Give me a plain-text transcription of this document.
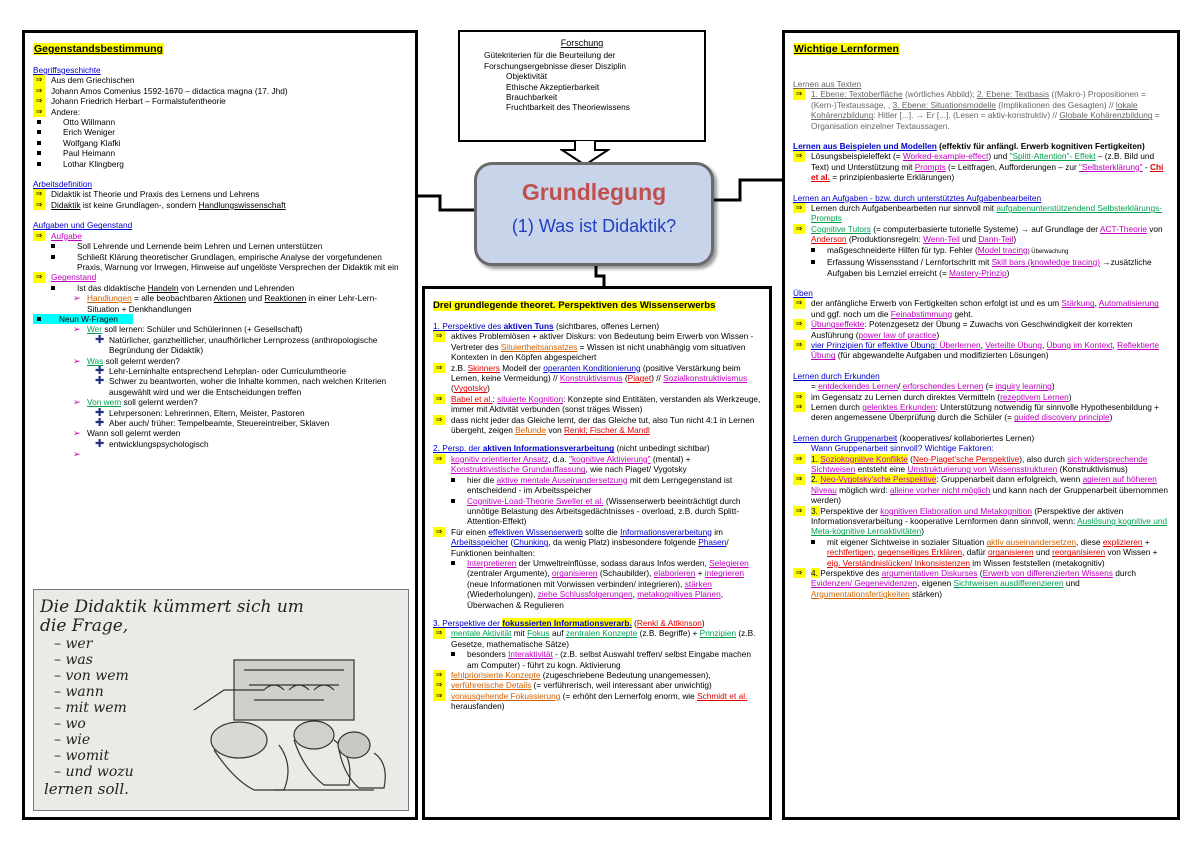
Gegenstandsbestimmung
Begriffsgeschichte
⇒	Aus dem Griechischen
⇒	Johann Amos Comenius 1592-1670 – didactica magna (17. Jhd)
⇒	Johann Friedrich Herbart – Formalstufentheorie
⇒	Andere:
Otto Willmann
Erich Weniger
Wolfgang Klafki
Paul Heimann
Lothar Klingberg
Arbeitsdefinition
⇒	Didaktik ist Theorie und Praxis des Lernens und Lehrens
⇒	Didaktik ist keine Grundlagen-, sondern Handlungswissenschaft
Aufgaben und Gegenstand
⇒	Aufgabe
Soll Lehrende und Lernende beim Lehren und Lernen unterstützen
Schließt Klärung theoretischer Grundlagen, empirische Analyse der vorgefundenen Praxis, Warnung vor Irrwegen, Hinweise auf ungelöste Versprechen der Didaktik mit ein
⇒	Gegenstand
Ist das didaktische Handeln von Lernenden und Lehrenden
➢ Handlungen = alle beobachtbaren Aktionen und Reaktionen in einer Lehr-Lern-Situation + Denkhandlungen
Neun W-Fragen
➢ Wer soll lernen: Schüler und Schülerinnen (+ Gesellschaft)
✚ Natürlicher, ganzheitlicher, unaufhörlicher Lernprozess (anthropologische Begründung der Didaktik)
➢ Was soll gelernt werden?
✚ Lehr-Lerninhalte entsprechend Lehrplan- oder Curriculumtheorie
✚ Schwer zu beantworten, woher die Inhalte kommen, nach welchen Kriterien ausgewählt wird und wer die Entscheidungen treffen
➢ Von wem soll gelernt werden?
✚ Lehrpersonen: Lehrerinnen, Eltern, Meister, Pastoren
✚ Aber auch/ früher: Tempelbeamte, Steuereintreiber, Sklaven
➢ Wann soll gelernt werden
✚ entwicklungspsychologisch
➢
Die Didaktik kümmert sich um
die Frage,
– wer
– was
– von wem
– wann
– mit wem
– wo
– wie
– womit
– und wozu
lernen soll.
Forschung
Gütekriterien für die Beurteilung der Forschungsergebnisse dieser Disziplin
Objektivität
Ethische Akzeptierbarkeit
Brauchbarkeit
Fruchtbarkeit des Theoriewissens
Grundlegung
(1) Was ist Didaktik?
Drei grundlegende theoret. Perspektiven des Wissenserwerbs
1. Perspektive des aktiven Tuns (sichtbares, offenes Lernen)
⇒	aktives Problemlösen + aktiver Diskurs: von Bedeutung beim Erwerb von Wissen - Vertreter des Situiertheitsansatzes = Wissen ist nicht unabhängig vom situativen Kontexten in den Köpfen abgespeichert
⇒	z.B. Skinners Modell der operanten Konditionierung (positive Verstärkung beim Lernen, keine Vermeidung) // Konstruktivismus (Piaget) // Sozialkonstruktivismus (Vygotsky)
⇒	Babel et al.: situierte Kognition: Konzepte sind Entitäten, verstanden als Werkzeuge, immer mit Aktivität verbunden (sonst träges Wissen)
⇒	dass nicht jeder das Gleiche lernt, der das Gleiche tut, also Tun nicht 4:1 in Lernen übergeht, zeigen Befunde von Renkl; Fischer & Mandl
2. Persp. der aktiven Informationsverarbeitung (nicht unbedingt sichtbar)
⇒	kognitiv orientierter Ansatz, d.a. "kognitive Aktivierung" (mental) + Konstruktivistische Grundauffassung, wie nach Piaget/ Vygotsky
hier die aktive mentale Auseinandersetzung mit dem Lerngegenstand ist entscheidend - im Arbeitsspeicher
Cognitive-Load-Theorie Sweller et al. (Wissenserwerb beeinträchtigt durch unnötige Belastung des Arbeitsgedächtnisses - overload, z.B. durch Splitt-Attention-Effekt)
⇒	Für einen effektiven Wissenserwerb sollte die Informationsverarbeitung im Arbeitsspeicher (Chunking, da wenig Platz) insbesondere folgende Phasen/ Funktionen beinhalten:
Interpretieren der Umweltreinflüsse, sodass daraus Infos werden, Selegieren (zentraler Argumente), organisieren (Schaubilder), elaborieren + integrieren (neue Informationen mit Vorwissen verbinden/ integrieren), stärken (Wiederholungen), ziehe Schlussfolgerungen, metakognitives Planen, Überwachen & Regulieren
3. Perspektive der fokussierten Informationsverarb. (Renkl & Attkinson)
⇒	mentale Aktivität mit Fokus auf zentralen Konzepte (z.B. Begriffe) + Prinzipien (z.B. Gesetze, mathematische Sätze)
besonders Interaktivität - (z.B. selbst Auswahl treffen/ selbst Eingabe machen am Computer) - führt zu kogn. Aktivierung
⇒	fehlpriorisierte Konzepte (zugeschriebene Bedeutung unangemessen),
⇒	verführerische Details (= verführerisch, weil interessant aber unwichtig)
⇒	vorausgehende Fokussierung (= erhöht den Lernerfolg enorm, wie Schmidt et al. herausfanden)
Wichtige Lernformen
Lernen aus Texten
⇒	1. Ebene: Textoberfläche (wörtliches Abbild); 2. Ebene: Textbasis ((Makro-) Propositionen = (Kern-)Textaussage, , 3. Ebene: Situationsmodelle (Implikationen des Gesagten) // lokale Kohärenzbildung: Hitler [...]. → Er [...]. (Lesen = aktiv-konstruktiv) // Globale Kohärenzbildung = Organisation einzelner Textaussagen.
Lernen aus Beispielen und Modellen (effektiv für anfängl. Erwerb kognitiven Fertigkeiten)
⇒	Lösungsbeispieleffekt (= Worked-example-effect) und "Splitt-Attention"- Effekt – (z.B. Bild und Text) und Unterstützung mit Prompts (= Leitfragen, Aufforderungen – zur "Selbsterklärung" - Chi et al. = prinzipienbasierte Erklärungen)
Lernen an Aufgaben - bzw. durch unterstütztes Aufgabenbearbeiten
⇒	Lernen durch Aufgabenbearbeiten nur sinnvoll mit aufgabenunterstützendend Selbsterklärungs-Prompts
⇒	Cognitive Tutors (= computerbasierte tutorielle Systeme) → auf Grundlage der ACT-Theorie von Anderson (Produktionsregeln: Wenn-Teil und Dann-Teil)
maßgeschneiderte Hilfen für typ. Fehler (Model tracing) Überwachung
Erfassung Wissensstand / Lernfortschritt mit Skill bars (knowledge tracing) →zusätzliche Aufgaben bis Lernziel erreicht (= Mastery-Prinzip)
Üben
⇒	der anfängliche Erwerb von Fertigkeiten schon erfolgt ist und es um Stärkung, Automatisierung und ggf. noch um die Feinabstimmung geht.
⇒	Übungseffekte: Potenzgesetz der Übung = Zuwachs von Geschwindigkeit der korrekten Ausführung (power law of practice)
⇒	vier Prinzipien für effektive Übung: Überlernen, Verteilte Übung, Übung im Kontext, Reflektierte Übung (für abgewandelte Aufgaben und modifizierten Lösungen)
Lernen durch Erkunden
= entdeckendes Lernen/ erforschendes Lernen (= inquiry learning)
⇒	im Gegensatz zu Lernen durch direktes Vermitteln (rezeptivem Lernen)
⇒	Lernen durch gelenktes Erkunden: Unterstützung notwendig für sinnvolle Hypothesenbildung + deren angemessene Überprüfung durch die Schüler (= guided discovery principle)
Lernen durch Gruppenarbeit (kooperatives/ kollaboriertes Lernen)
Wann Gruppenarbeit sinnvoll? Wichtige Faktoren:
⇒	1. Soziokognitive Konflikte (Neo-Piaget'sche Perspektive), also durch sich widersprechende Sichtweisen entsteht eine Umstrukturierung von Wissensstrukturen (Konstruktivismus)
⇒	2. Neo-Vygotsky'sche Perspektive: Gruppenarbeit dann erfolgreich, wenn agieren auf höheren Niveau möglich wird: alleine vorher nicht möglich und kann nach der Gruppenarbeit übernommen werden)
⇒	3. Perspektive der kognitiven Elaboration und Metakognition (Perspektive der aktiven Informationsverarbeitung - kooperative Lernformen dann sinnvoll, wenn: Auslösung kognitive und Meta-kognitive Lernaktivitäten)
mit eigener Sichtweise in sozialer Situation aktiv auseinandersetzen, diese explizieren + rechtfertigen, gegenseitiges Erklären, dafür organisieren und reorganisieren von Wissen + eig. Verständnislücken/ Inkonsistenzen im Wissen feststellen (metakognitiv)
⇒	4. Perspektive des argumentativen Diskurses (Erwerb von differenzierten Wissens durch Evidenzen/ Gegenevidenzen, eigenen Sichtweisen ausdifferenzieren und Argumentationsfertigkeiten stärken)
